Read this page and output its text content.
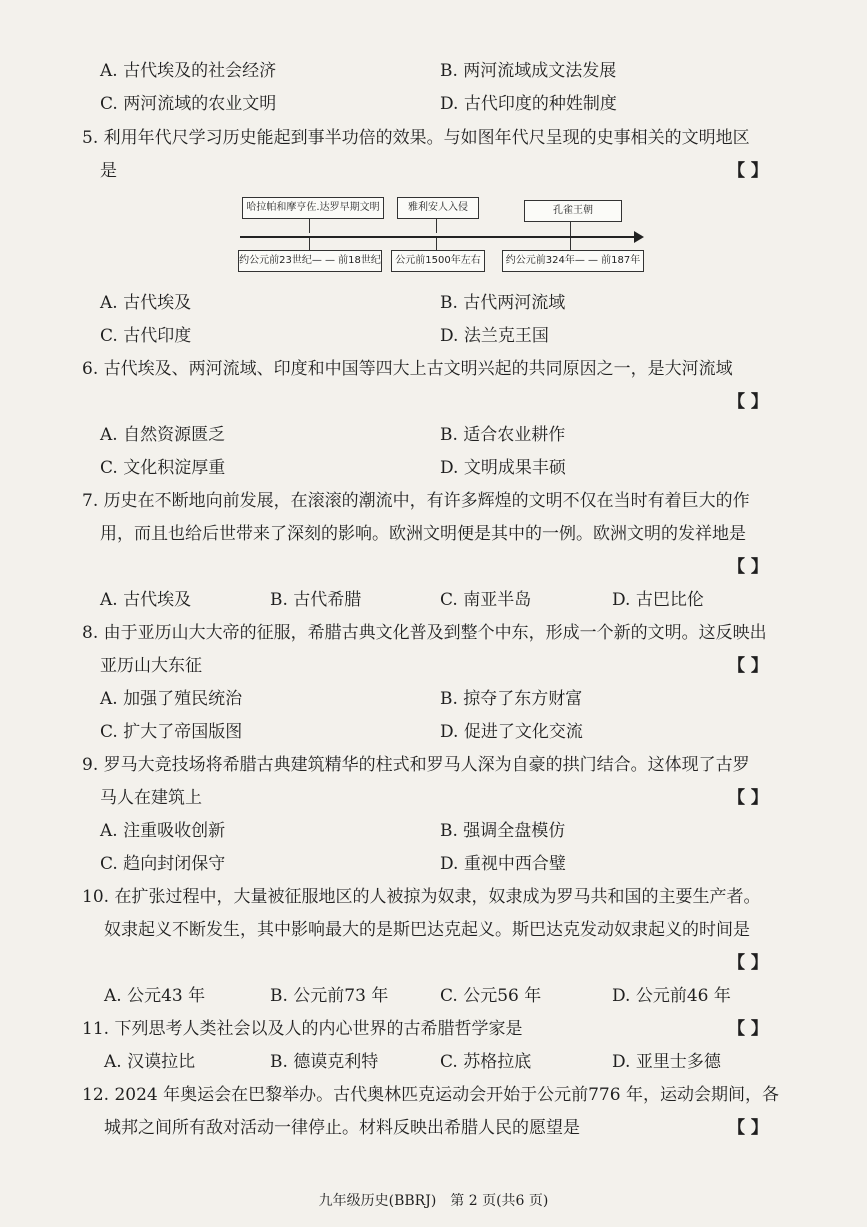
A. 古代埃及的社会经济	B. 两河流域成文法发展
C. 两河流域的农业文明	D. 古代印度的种姓制度
5. 利用年代尺学习历史能起到事半功倍的效果。与如图年代尺呈现的史事相关的文明地区
是	【 】
哈拉帕和摩亨佐.达罗早期文明	雅利安人入侵	孔雀王朝
约公元前23世纪— — 前18世纪	公元前1500年左右	约公元前324年— — 前187年
A. 古代埃及	B. 古代两河流域
C. 古代印度	D. 法兰克王国
6. 古代埃及、两河流域、印度和中国等四大上古文明兴起的共同原因之一，是大河流域
【 】
A. 自然资源匮乏	B. 适合农业耕作
C. 文化积淀厚重	D. 文明成果丰硕
7. 历史在不断地向前发展，在滚滚的潮流中，有许多辉煌的文明不仅在当时有着巨大的作
用，而且也给后世带来了深刻的影响。欧洲文明便是其中的一例。欧洲文明的发祥地是
【 】
A. 古代埃及	B. 古代希腊	C. 南亚半岛	D. 古巴比伦
8. 由于亚历山大大帝的征服，希腊古典文化普及到整个中东，形成一个新的文明。这反映出
亚历山大东征	【 】
A. 加强了殖民统治	B. 掠夺了东方财富
C. 扩大了帝国版图	D. 促进了文化交流
9. 罗马大竞技场将希腊古典建筑精华的柱式和罗马人深为自豪的拱门结合。这体现了古罗
马人在建筑上	【 】
A. 注重吸收创新	B. 强调全盘模仿
C. 趋向封闭保守	D. 重视中西合璧
10. 在扩张过程中，大量被征服地区的人被掠为奴隶，奴隶成为罗马共和国的主要生产者。
奴隶起义不断发生，其中影响最大的是斯巴达克起义。斯巴达克发动奴隶起义的时间是
【 】
A. 公元43 年	B. 公元前73 年	C. 公元56 年	D. 公元前46 年
11. 下列思考人类社会以及人的内心世界的古希腊哲学家是	【 】
A. 汉谟拉比	B. 德谟克利特	C. 苏格拉底	D. 亚里士多德
12. 2024 年奥运会在巴黎举办。古代奥林匹克运动会开始于公元前776 年，运动会期间，各
城邦之间所有敌对活动一律停止。材料反映出希腊人民的愿望是	【 】
九年级历史(BBRJ)　第 2 页(共6 页)
